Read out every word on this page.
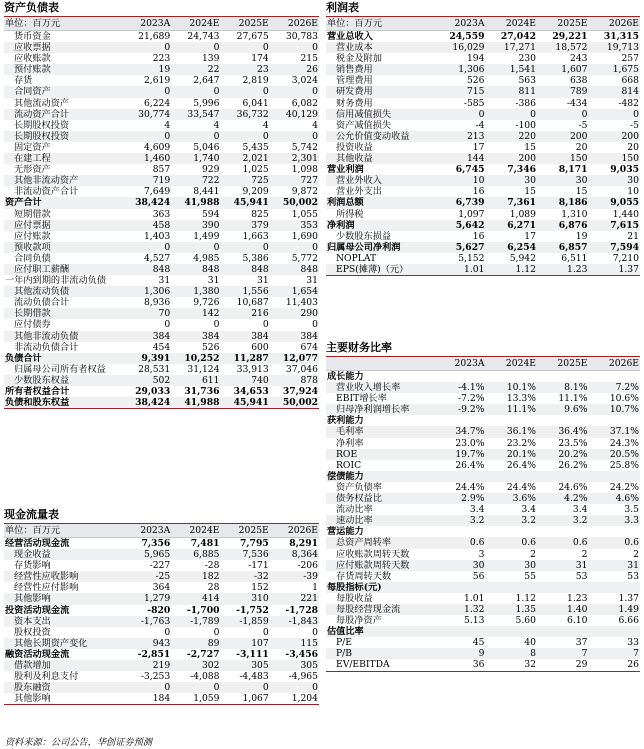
资产负债表
单位：百万元	2023A	2024E	2025E	2026E
货币资金	21,689	24,743	27,675	30,783
应收票据	0	0	0	0
应收账款	223	139	174	215
预付账款	19	22	23	26
存货	2,619	2,647	2,819	3,024
合同资产	0	0	0	0
其他流动资产	6,224	5,996	6,041	6,082
流动资产合计	30,774	33,547	36,732	40,129
长期股权投资	4	4	4	4
长期股权投资	0	0	0	0
固定资产	4,609	5,046	5,435	5,742
在建工程	1,460	1,740	2,021	2,301
无形资产	857	929	1,025	1,098
其他非流动资产	719	722	725	727
非流动资产合计	7,649	8,441	9,209	9,872
资产合计	38,424	41,988	45,941	50,002
短期借款	363	594	825	1,055
应付票据	458	390	379	353
应付账款	1,403	1,499	1,663	1,690
预收款项	0	0	0	0
合同负债	4,527	4,985	5,386	5,772
应付职工薪酬	848	848	848	848
一年内到期的非流动负债	31	31	31	31
其他流动负债	1,306	1,380	1,556	1,654
流动负债合计	8,936	9,726	10,687	11,403
长期借款	70	142	216	290
应付债券	0	0	0	0
其他非流动负债	384	384	384	384
非流动负债合计	454	526	600	674
负债合计	9,391	10,252	11,287	12,077
归属母公司所有者权益	28,531	31,124	33,913	37,046
少数股东权益	502	611	740	878
所有者权益合计	29,033	31,736	34,653	37,924
负债和股东权益	38,424	41,988	45,941	50,002
现金流量表
单位：百万元	2023A	2024E	2025E	2026E
经营活动现金流	7,356	7,481	7,795	8,291
现金收益	5,965	6,885	7,536	8,364
存货影响	-227	-28	-171	-206
经营性应收影响	-25	182	-32	-39
经营性应付影响	364	28	152	1
其他影响	1,279	414	310	221
投资活动现金流	-820	-1,700	-1,752	-1,728
资本支出	-1,763	-1,789	-1,859	-1,843
股权投资	0	0	0	0
其他长期资产变化	943	89	107	115
融资活动现金流	-2,851	-2,727	-3,111	-3,456
借款增加	219	302	305	305
股利及利息支付	-3,253	-4,088	-4,483	-4,965
股东融资	0	0	0	0
其他影响	184	1,059	1,067	1,204
利润表
单位：百万元	2023A	2024E	2025E	2026E
营业总收入	24,559	27,042	29,221	31,315
营业成本	16,029	17,271	18,572	19,713
税金及附加	194	230	243	257
销售费用	1,306	1,541	1,607	1,675
管理费用	526	563	638	668
研发费用	715	811	789	814
财务费用	-585	-386	-434	-482
信用减值损失	0	0	0	0
资产减值损失	-4	-100	-5	-5
公允价值变动收益	213	220	200	200
投资收益	17	15	20	20
其他收益	144	200	150	150
营业利润	6,745	7,346	8,171	9,035
营业外收入	10	30	30	30
营业外支出	16	15	15	10
利润总额	6,739	7,361	8,186	9,055
所得税	1,097	1,089	1,310	1,440
净利润	5,642	6,271	6,876	7,615
少数股东损益	16	17	19	21
归属母公司净利润	5,627	6,254	6,857	7,594
NOPLAT	5,152	5,942	6,511	7,210
EPS(摊薄)（元）	1.01	1.12	1.23	1.37
主要财务比率
	2023A	2024E	2025E	2026E
成长能力				
营业收入增长率	-4.1%	10.1%	8.1%	7.2%
EBIT增长率	-7.2%	13.3%	11.1%	10.6%
归母净利润增长率	-9.2%	11.1%	9.6%	10.7%
获利能力				
毛利率	34.7%	36.1%	36.4%	37.1%
净利率	23.0%	23.2%	23.5%	24.3%
ROE	19.7%	20.1%	20.2%	20.5%
ROIC	26.4%	26.4%	26.2%	25.8%
偿债能力				
资产负债率	24.4%	24.4%	24.6%	24.2%
债务权益比	2.9%	3.6%	4.2%	4.6%
流动比率	3.4	3.4	3.4	3.5
速动比率	3.2	3.2	3.2	3.3
营运能力				
总资产周转率	0.6	0.6	0.6	0.6
应收账款周转天数	3	2	2	2
应付账款周转天数	30	30	31	31
存货周转天数	56	55	53	53
每股指标(元)				
每股收益	1.01	1.12	1.23	1.37
每股经营现金流	1.32	1.35	1.40	1.49
每股净资产	5.13	5.60	6.10	6.66
估值比率				
P/E	45	40	37	33
P/B	9	8	7	7
EV/EBITDA	36	32	29	26
资料来源：公司公告，华创证券预测
